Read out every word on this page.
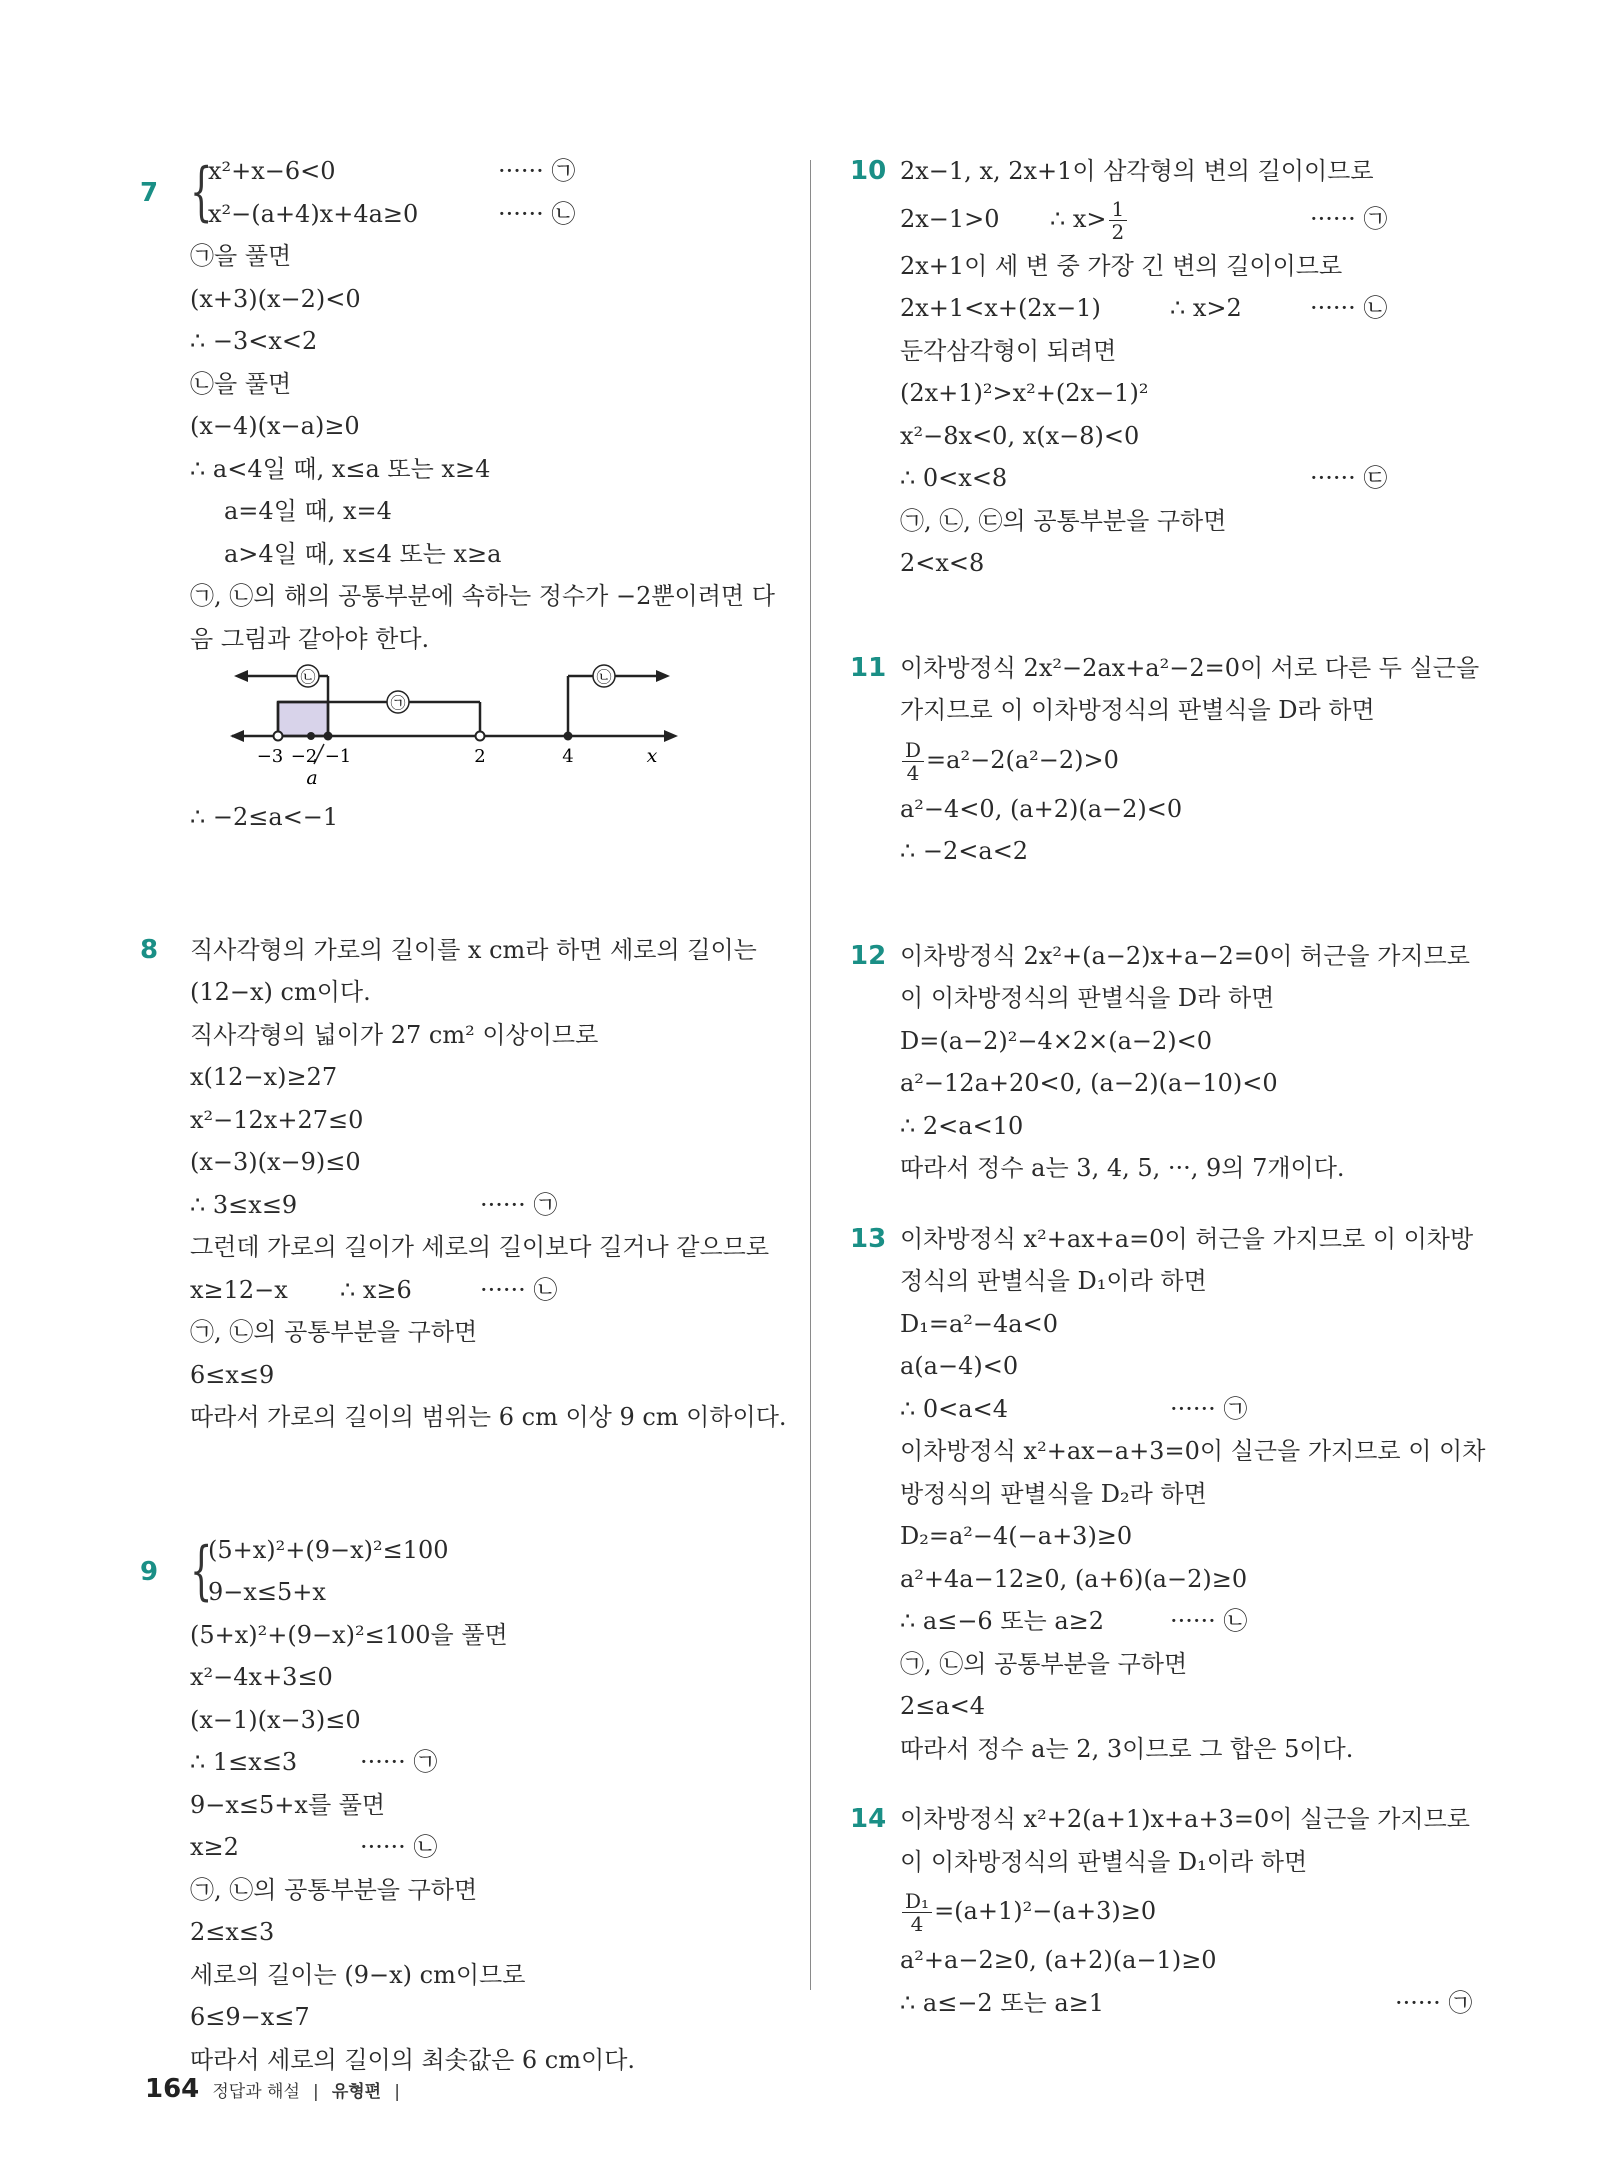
7 {
x²+x−6<0	······ ㉠
x²−(a+4)x+4a≥0	······ ㉡
㉠을 풀면
(x+3)(x−2)<0
∴ −3<x<2
㉡을 풀면
(x−4)(x−a)≥0
∴ a<4일 때, x≤a 또는 x≥4
a=4일 때, x=4
a>4일 때, x≤4 또는 x≥a
㉠, ㉡의 해의 공통부분에 속하는 정수가 −2뿐이려면 다음 그림과 같아야 한다.
㉡
㉠
㉡
−3 −2 −1	2	4	x
a
∴ −2≤a<−1
8 직사각형의 가로의 길이를 x cm라 하면 세로의 길이는 (12−x) cm이다.
직사각형의 넓이가 27 cm² 이상이므로
x(12−x)≥27
x²−12x+27≤0
(x−3)(x−9)≤0
∴ 3≤x≤9	······ ㉠
그런데 가로의 길이가 세로의 길이보다 길거나 같으므로
x≥12−x ∴ x≥6	······ ㉡
㉠, ㉡의 공통부분을 구하면
6≤x≤9
따라서 가로의 길이의 범위는 6 cm 이상 9 cm 이하이다.
9 {
(5+x)²+(9−x)²≤100
9−x≤5+x
(5+x)²+(9−x)²≤100을 풀면
x²−4x+3≤0
(x−1)(x−3)≤0
∴ 1≤x≤3	······ ㉠
9−x≤5+x를 풀면
x≥2	······ ㉡
㉠, ㉡의 공통부분을 구하면
2≤x≤3
세로의 길이는 (9−x) cm이므로
6≤9−x≤7
따라서 세로의 길이의 최솟값은 6 cm이다.
10 2x−1, x, 2x+1이 삼각형의 변의 길이이므로
2x−1>0 ∴ $x> \frac{1}{2}$	······ ㉠
2x+1이 세 변 중 가장 긴 변의 길이이므로
2x+1<x+(2x−1)	∴ x>2	······ ㉡
둔각삼각형이 되려면
(2x+1)²>x²+(2x−1)²
x²−8x<0, x(x−8)<0
∴ 0<x<8	······ ㉢
㉠, ㉡, ㉢의 공통부분을 구하면
2<x<8
11 이차방정식 2x²−2ax+a²−2=0이 서로 다른 두 실근을 가지므로 이 이차방정식의 판별식을 D라 하면
$\frac{D}{4} =a^2-2(a^2-2)>0$
a²−4<0, (a+2)(a−2)<0
∴ −2<a<2
12 이차방정식 2x²+(a−2)x+a−2=0이 허근을 가지므로 이 이차방정식의 판별식을 D라 하면
D=(a−2)²−4×2×(a−2)<0
a²−12a+20<0, (a−2)(a−10)<0
∴ 2<a<10
따라서 정수 a는 3, 4, 5, ···, 9의 7개이다.
13 이차방정식 x²+ax+a=0이 허근을 가지므로 이 이차방정식의 판별식을 D₁이라 하면
D₁=a²−4a<0
a(a−4)<0
∴ 0<a<4	······ ㉠
이차방정식 x²+ax−a+3=0이 실근을 가지므로 이 이차방정식의 판별식을 D₂라 하면
D₂=a²−4(−a+3)≥0
a²+4a−12≥0, (a+6)(a−2)≥0
∴ a≤−6 또는 a≥2	······ ㉡
㉠, ㉡의 공통부분을 구하면
2≤a<4
따라서 정수 a는 2, 3이므로 그 합은 5이다.
14 이차방정식 x²+2(a+1)x+a+3=0이 실근을 가지므로 이 이차방정식의 판별식을 D₁이라 하면
$\frac{\text{D₁}}{4} =(a+1)^2-(a+3)\ge 0$
a²+a−2≥0, (a+2)(a−1)≥0
∴ a≤−2 또는 a≥1	······ ㉠
164 정답과 해설 | 유형편 |
